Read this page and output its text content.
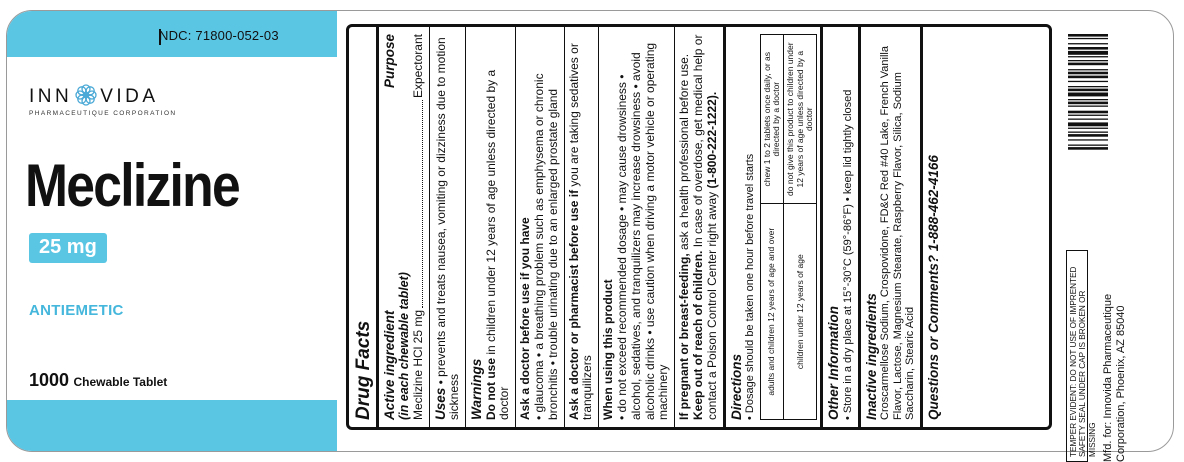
NDC: 71800-052-03
INN VIDA
PHARMACEUTIQUE CORPORATION
Meclizine
25 mg
ANTIEMETIC
1000 Chewable Tablet	Drug Facts Active ingredient
Purpose
(in each chewable tablet) Meclizine HCl 25 mg
Expectorant
Uses • prevents and treats nausea, vomiting or dizziness due to motion sickness Warnings Do not use in children under 12 years of age unless directed by a doctor Ask a doctor before use if you have • glaucoma • a breathing problem such as emphysema or chronic bronchitis • trouble urinating due to an enlarged prostate gland Ask a doctor or pharmacist before use if you are taking sedatives or tranquilizers When using this product • do not exceed recommended dosage • may cause drowsiness • alcohol, sedatives, and tranquilizers may increase drowsiness • avoid alcoholic drinks • use caution when driving a motor vehicle or operating machinery If pregnant or breast-feeding, ask a health professional before use. Keep out of reach of children. In case of overdose, get medical help or contact a Poison Control Center right away (1-800-222-1222).
Directions • Dosage should be taken one hour before travel starts adults and children 12 years of age and over	chew 1 to 2 tablets once daily, or as directed by a doctor
children under 12 years of age	do not give this product to children under 12 years of age unless directed by a doctor
Other Information • Store in a dry place at 15°-30°C (59°-86°F) • keep lid tightly closed Inactive ingredients Croscarmellose Sodium, Crospovidone, FD&C Red #40 Lake, French Vanilla Flavor, Lactose, Magnesium Stearate, Raspberry Flavor, Silica, Sodium Saccharin, Stearic Acid Questions or Comments? 1-888-462-4166	TEMPER EVIDENT: DO NOT USE OF IMPRENTED SAFETY SEAL UNDER CAP IS BROKEN OR MISSING Mfd. for: Innovida Pharmaceutique Corporation, Phoenix, AZ 85040
